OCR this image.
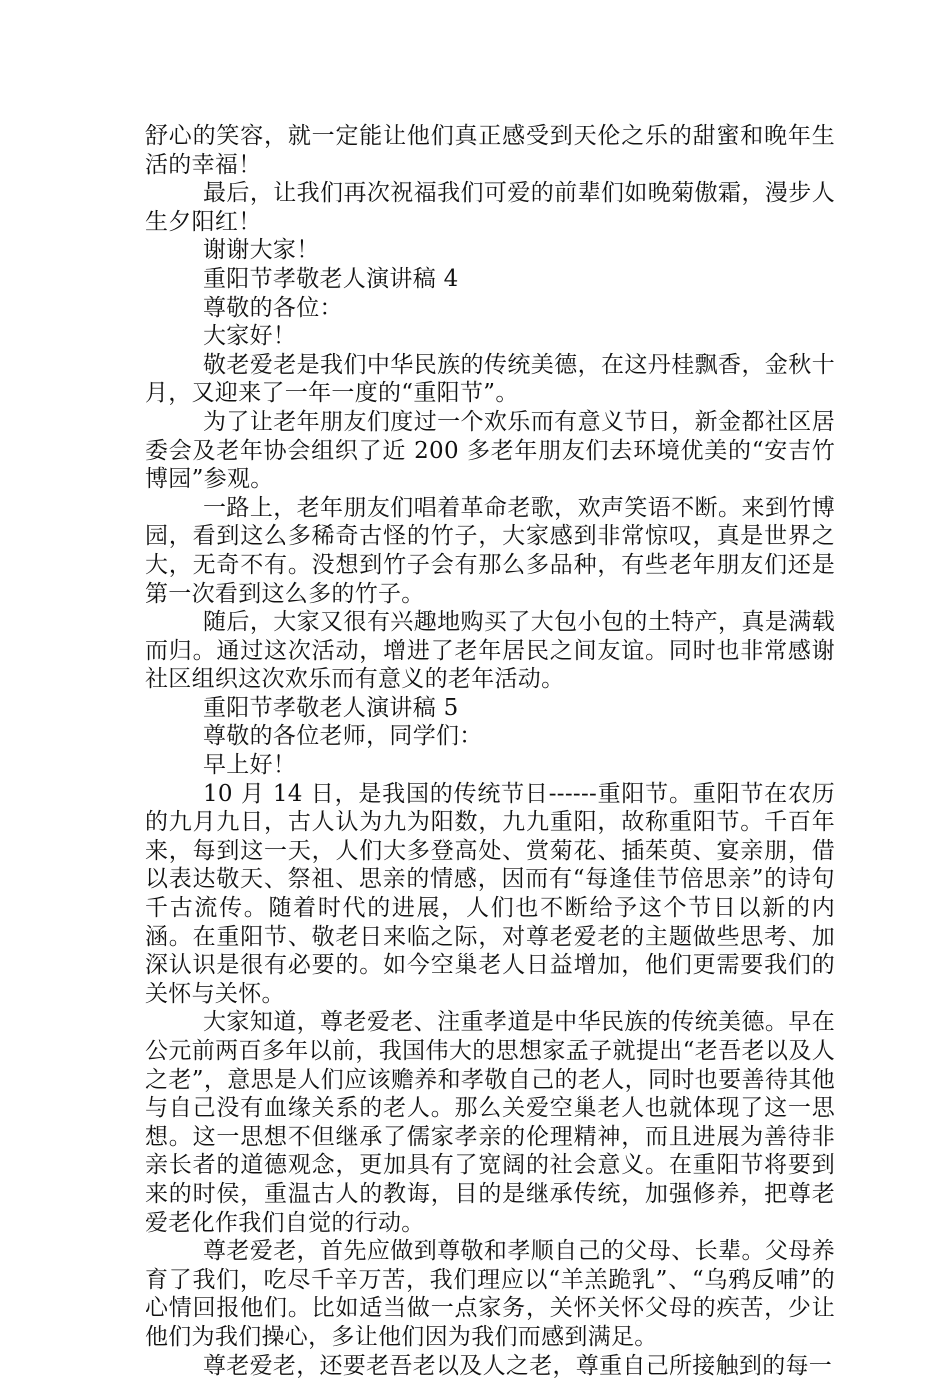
舒心的笑容，就一定能让他们真正感受到天伦之乐的甜蜜和晚年生活的幸福！

最后，让我们再次祝福我们可爱的前辈们如晚菊傲霜，漫步人生夕阳红！

谢谢大家！

重阳节孝敬老人演讲稿 4

尊敬的各位：

大家好！

敬老爱老是我们中华民族的传统美德，在这丹桂飘香，金秋十月，又迎来了一年一度的“重阳节”。

为了让老年朋友们度过一个欢乐而有意义节日，新金都社区居委会及老年协会组织了近 200 多老年朋友们去环境优美的“安吉竹博园”参观。

一路上，老年朋友们唱着革命老歌，欢声笑语不断。来到竹博园，看到这么多稀奇古怪的竹子，大家感到非常惊叹，真是世界之大，无奇不有。没想到竹子会有那么多品种，有些老年朋友们还是第一次看到这么多的竹子。

随后，大家又很有兴趣地购买了大包小包的土特产，真是满载而归。通过这次活动，增进了老年居民之间友谊。同时也非常感谢社区组织这次欢乐而有意义的老年活动。

重阳节孝敬老人演讲稿 5

尊敬的各位老师，同学们：

早上好！

10 月 14 日，是我国的传统节日------重阳节。重阳节在农历的九月九日，古人认为九为阳数，九九重阳，故称重阳节。千百年来，每到这一天，人们大多登高处、赏菊花、插茱萸、宴亲朋，借以表达敬天、祭祖、思亲的情感，因而有“每逢佳节倍思亲”的诗句千古流传。随着时代的进展，人们也不断给予这个节日以新的内涵。在重阳节、敬老日来临之际，对尊老爱老的主题做些思考、加深认识是很有必要的。如今空巢老人日益增加，他们更需要我们的关怀与关怀。

大家知道，尊老爱老、注重孝道是中华民族的传统美德。早在公元前两百多年以前，我国伟大的思想家孟子就提出“老吾老以及人之老”，意思是人们应该赡养和孝敬自己的老人，同时也要善待其他与自己没有血缘关系的老人。那么关爱空巢老人也就体现了这一思想。这一思想不但继承了儒家孝亲的伦理精神，而且进展为善待非亲长者的道德观念，更加具有了宽阔的社会意义。在重阳节将要到来的时侯，重温古人的教诲，目的是继承传统，加强修养，把尊老爱老化作我们自觉的行动。

尊老爱老，首先应做到尊敬和孝顺自己的父母、长辈。父母养育了我们，吃尽千辛万苦，我们理应以“羊羔跪乳”、“乌鸦反哺”的心情回报他们。比如适当做一点家务，关怀关怀父母的疾苦，少让他们为我们操心，多让他们因为我们而感到满足。

尊老爱老，还要老吾老以及人之老，尊重自己所接触到的每一
